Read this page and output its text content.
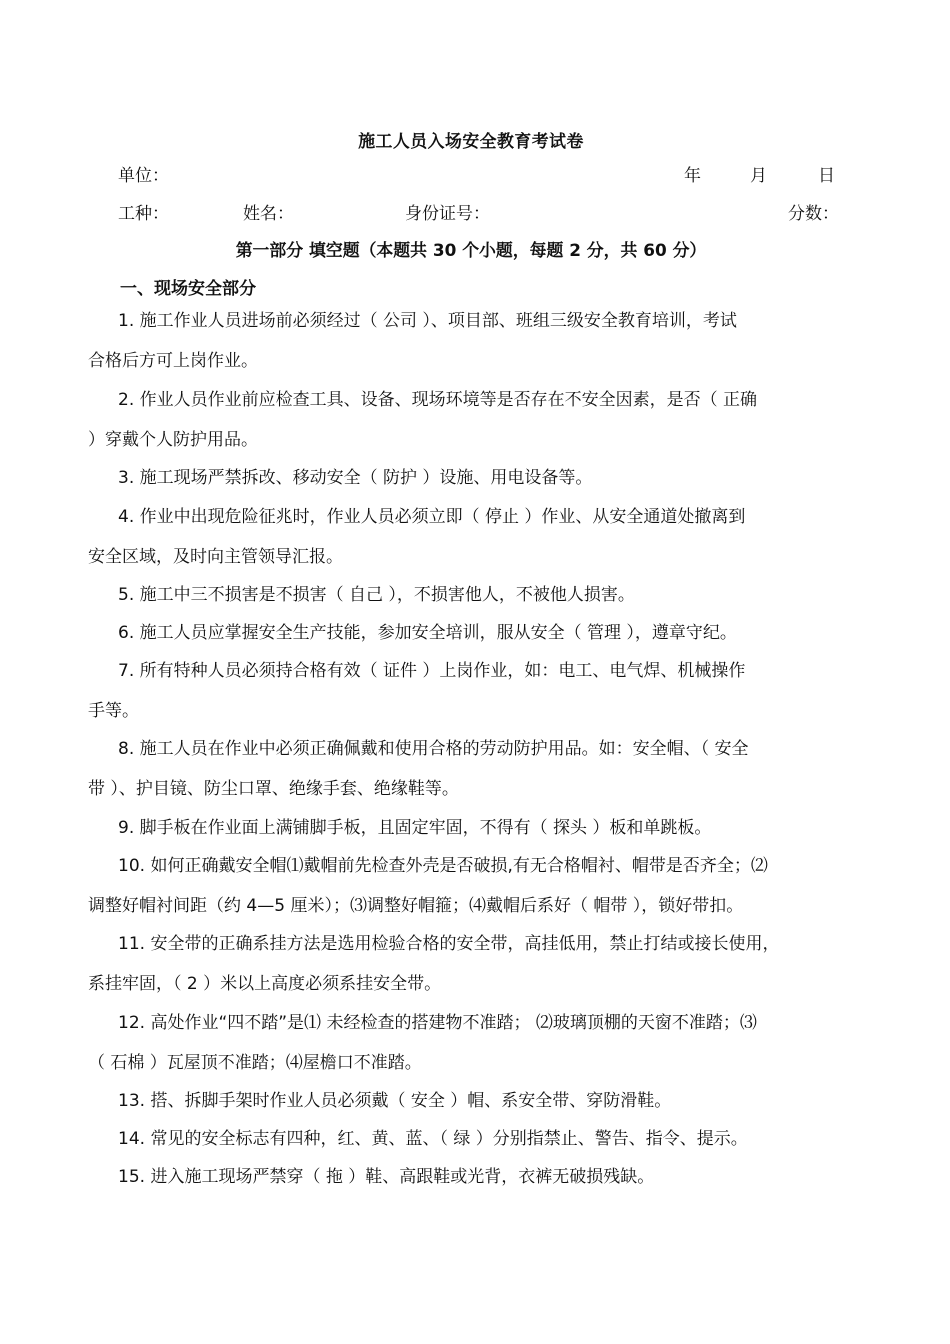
施工人员入场安全教育考试卷
单位：	年	月	日
工种：	姓名：	身份证号：	分数：
第一部分 填空题（本题共 30 个小题，每题 2 分，共 60 分）
一、现场安全部分
1. 施工作业人员进场前必须经过（ 公司 ）、项目部、班组三级安全教育培训，考试
合格后方可上岗作业。
2. 作业人员作业前应检查工具、设备、现场环境等是否存在不安全因素，是否（ 正确
）穿戴个人防护用品。
3. 施工现场严禁拆改、移动安全（ 防护 ）设施、用电设备等。
4. 作业中出现危险征兆时，作业人员必须立即（ 停止 ）作业、从安全通道处撤离到
安全区域，及时向主管领导汇报。
5. 施工中三不损害是不损害（ 自己 ），不损害他人，不被他人损害。
6. 施工人员应掌握安全生产技能，参加安全培训，服从安全（ 管理 ），遵章守纪。
7. 所有特种人员必须持合格有效（ 证件 ）上岗作业，如：电工、电气焊、机械操作
手等。
8. 施工人员在作业中必须正确佩戴和使用合格的劳动防护用品。如：安全帽、（ 安全
带 ）、护目镜、防尘口罩、绝缘手套、绝缘鞋等。
9. 脚手板在作业面上满铺脚手板，且固定牢固，不得有（ 探头 ）板和单跳板。
10. 如何正确戴安全帽⑴戴帽前先检查外壳是否破损,有无合格帽衬、帽带是否齐全；⑵
调整好帽衬间距（约 4—5 厘米）；⑶调整好帽箍；⑷戴帽后系好（ 帽带 ），锁好带扣。
11. 安全带的正确系挂方法是选用检验合格的安全带，高挂低用，禁止打结或接长使用，
系挂牢固，（ 2 ）米以上高度必须系挂安全带。
12. 高处作业“四不踏”是⑴ 未经检查的搭建物不准踏； ⑵玻璃顶棚的天窗不准踏；⑶
（ 石棉 ）瓦屋顶不准踏；⑷屋檐口不准踏。
13. 搭、拆脚手架时作业人员必须戴（ 安全 ）帽、系安全带、穿防滑鞋。
14. 常见的安全标志有四种，红、黄、蓝、（ 绿 ）分别指禁止、警告、指令、提示。
15. 进入施工现场严禁穿（ 拖 ）鞋、高跟鞋或光背，衣裤无破损残缺。
